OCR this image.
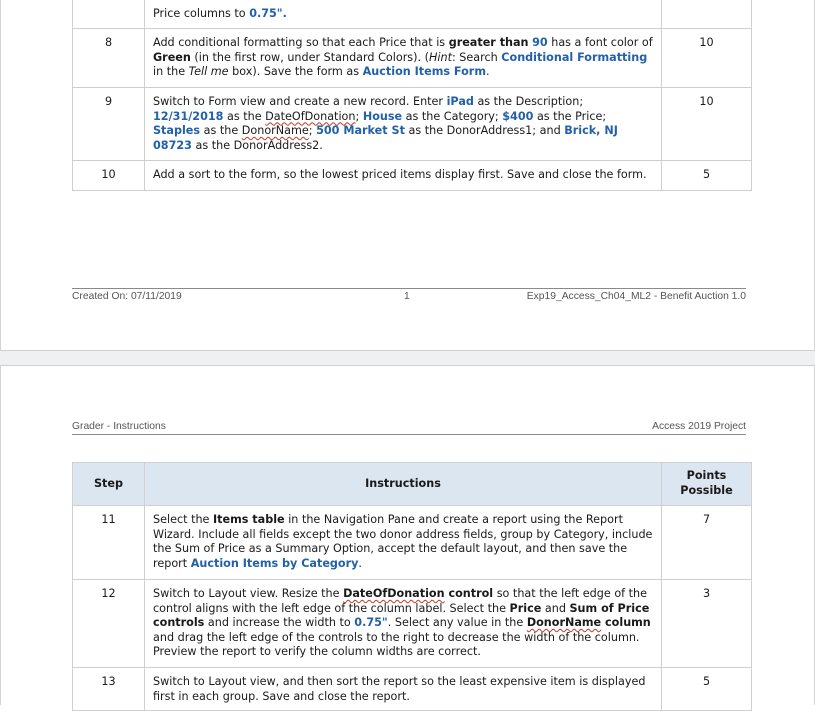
	Price columns to 0.75".	
8	Add conditional formatting so that each Price that is greater than 90 has a font color of Green (in the first row, under Standard Colors). (Hint: Search Conditional Formatting in the Tell me box). Save the form as Auction Items Form.	10
9	Switch to Form view and create a new record. Enter iPad as the Description; 12/31/2018 as the DateOfDonation; House as the Category; $400 as the Price; Staples as the DonorName; 500 Market St as the DonorAddress1; and Brick, NJ 08723 as the DonorAddress2.	10
10	Add a sort to the form, so the lowest priced items display first. Save and close the form.	5
Created On: 07/11/2019	1	Exp19_Access_Ch04_ML2 - Benefit Auction 1.0
Grader - Instructions	Access 2019 Project
Step	Instructions	Points Possible
11	Select the Items table in the Navigation Pane and create a report using the Report Wizard. Include all fields except the two donor address fields, group by Category, include the Sum of Price as a Summary Option, accept the default layout, and then save the report Auction Items by Category.	7
12	Switch to Layout view. Resize the DateOfDonation control so that the left edge of the control aligns with the left edge of the column label. Select the Price and Sum of Price controls and increase the width to 0.75". Select any value in the DonorName column and drag the left edge of the controls to the right to decrease the width of the column. Preview the report to verify the column widths are correct.	3
13	Switch to Layout view, and then sort the report so the least expensive item is displayed first in each group. Save and close the report.	5
